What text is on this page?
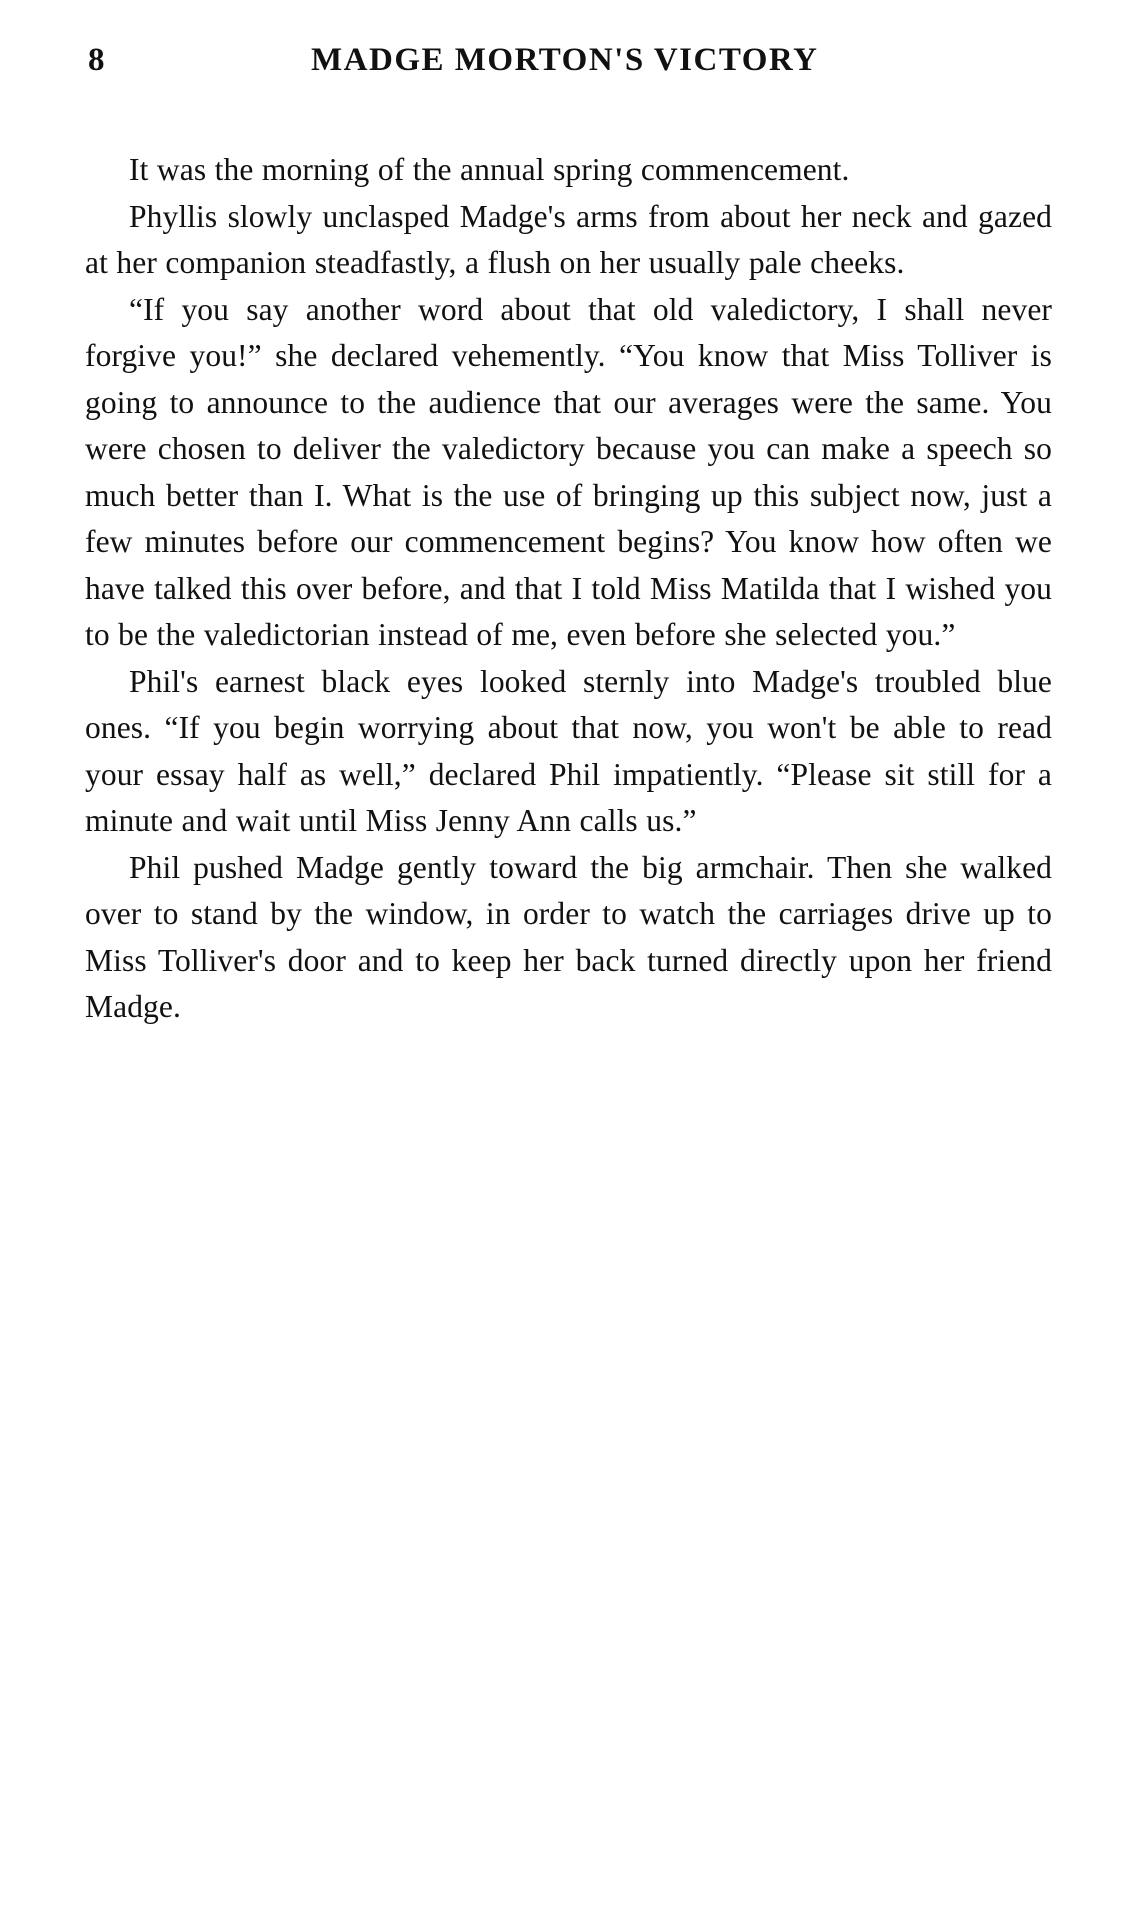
8	MADGE MORTON'S VICTORY

It was the morning of the annual spring commencement.

Phyllis slowly unclasped Madge's arms from about her neck and gazed at her companion steadfastly, a flush on her usually pale cheeks.

“If you say another word about that old valedictory, I shall never forgive you!” she declared vehemently. “You know that Miss Tolliver is going to announce to the audience that our averages were the same. You were chosen to deliver the valedictory because you can make a speech so much better than I. What is the use of bringing up this subject now, just a few minutes before our commencement begins? You know how often we have talked this over before, and that I told Miss Matilda that I wished you to be the valedictorian instead of me, even before she selected you.”

Phil's earnest black eyes looked sternly into Madge's troubled blue ones. “If you begin worrying about that now, you won't be able to read your essay half as well,” declared Phil impatiently. “Please sit still for a minute and wait until Miss Jenny Ann calls us.”

Phil pushed Madge gently toward the big armchair. Then she walked over to stand by the window, in order to watch the carriages drive up to Miss Tolliver's door and to keep her back turned directly upon her friend Madge.
